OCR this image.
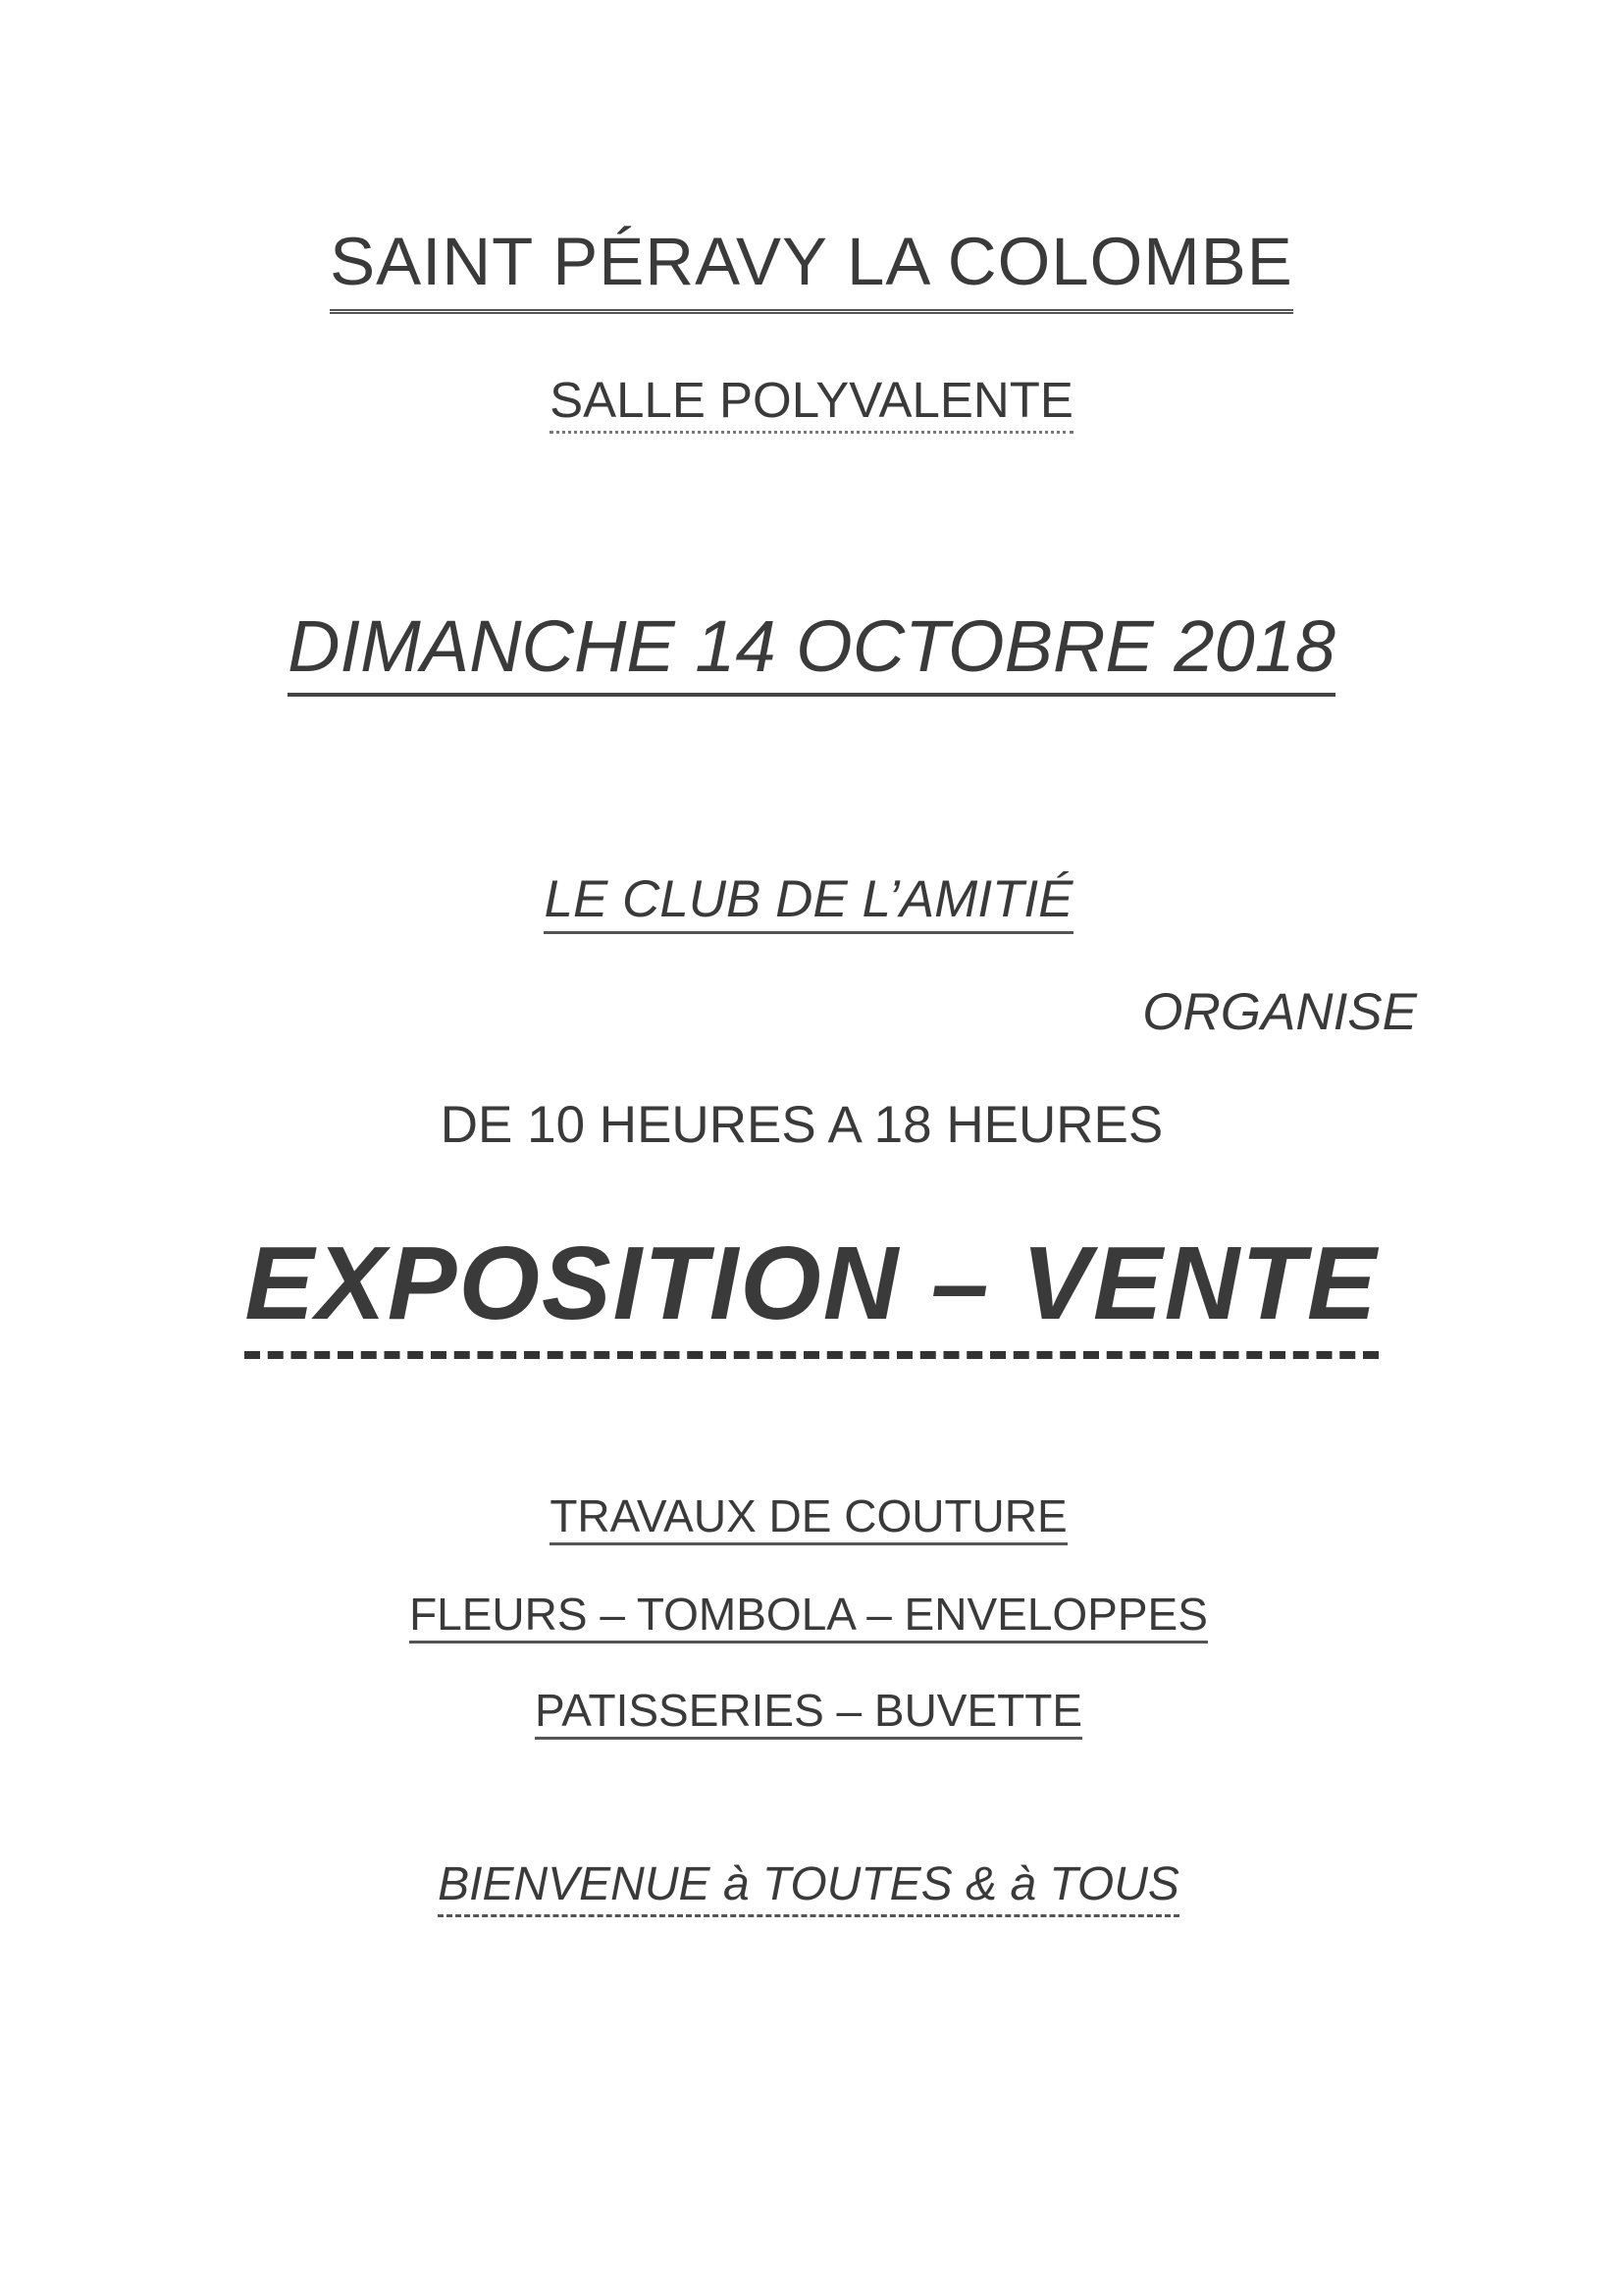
SAINT PÉRAVY LA COLOMBE
SALLE POLYVALENTE
DIMANCHE 14 OCTOBRE 2018
LE CLUB DE L’AMITIÉ
ORGANISE
DE 10 HEURES A 18 HEURES
EXPOSITION – VENTE
TRAVAUX DE COUTURE
FLEURS – TOMBOLA – ENVELOPPES
PATISSERIES – BUVETTE
BIENVENUE à TOUTES & à TOUS
